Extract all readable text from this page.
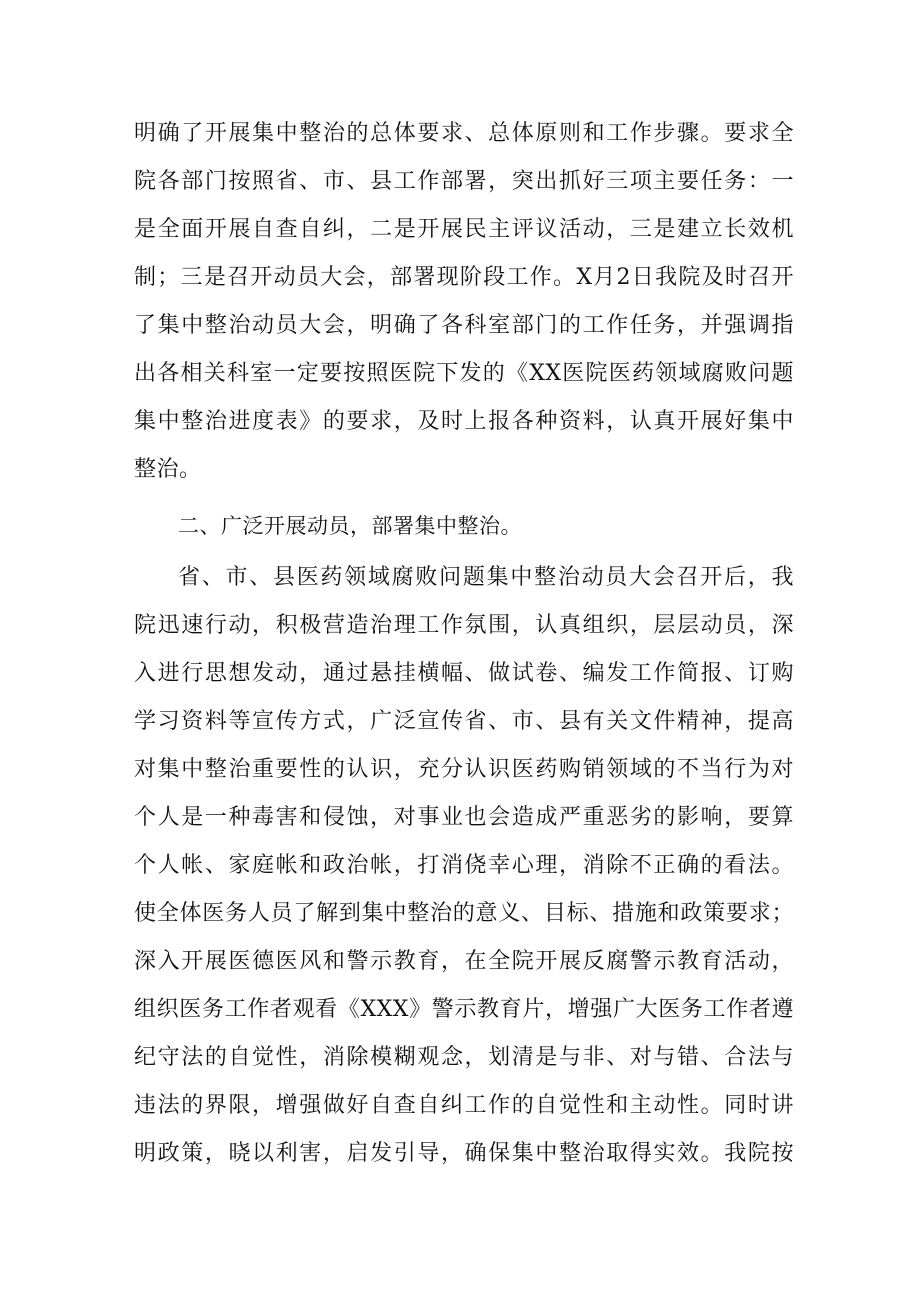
明确了开展集中整治的总体要求、总体原则和工作步骤。要求全
院各部门按照省、市、县工作部署，突出抓好三项主要任务：一
是全面开展自查自纠，二是开展民主评议活动，三是建立长效机
制；三是召开动员大会，部署现阶段工作。X月2日我院及时召开
了集中整治动员大会，明确了各科室部门的工作任务，并强调指
出各相关科室一定要按照医院下发的《XX医院医药领域腐败问题
集中整治进度表》的要求，及时上报各种资料，认真开展好集中
整治。
二、广泛开展动员，部署集中整治。
省、市、县医药领域腐败问题集中整治动员大会召开后，我
院迅速行动，积极营造治理工作氛围，认真组织，层层动员，深
入进行思想发动，通过悬挂横幅、做试卷、编发工作简报、订购
学习资料等宣传方式，广泛宣传省、市、县有关文件精神，提高
对集中整治重要性的认识，充分认识医药购销领域的不当行为对
个人是一种毒害和侵蚀，对事业也会造成严重恶劣的影响，要算
个人帐、家庭帐和政治帐，打消侥幸心理，消除不正确的看法。
使全体医务人员了解到集中整治的意义、目标、措施和政策要求；
深入开展医德医风和警示教育，在全院开展反腐警示教育活动，
组织医务工作者观看《XXX》警示教育片，增强广大医务工作者遵
纪守法的自觉性，消除模糊观念，划清是与非、对与错、合法与
违法的界限，增强做好自查自纠工作的自觉性和主动性。同时讲
明政策，晓以利害，启发引导，确保集中整治取得实效。我院按
